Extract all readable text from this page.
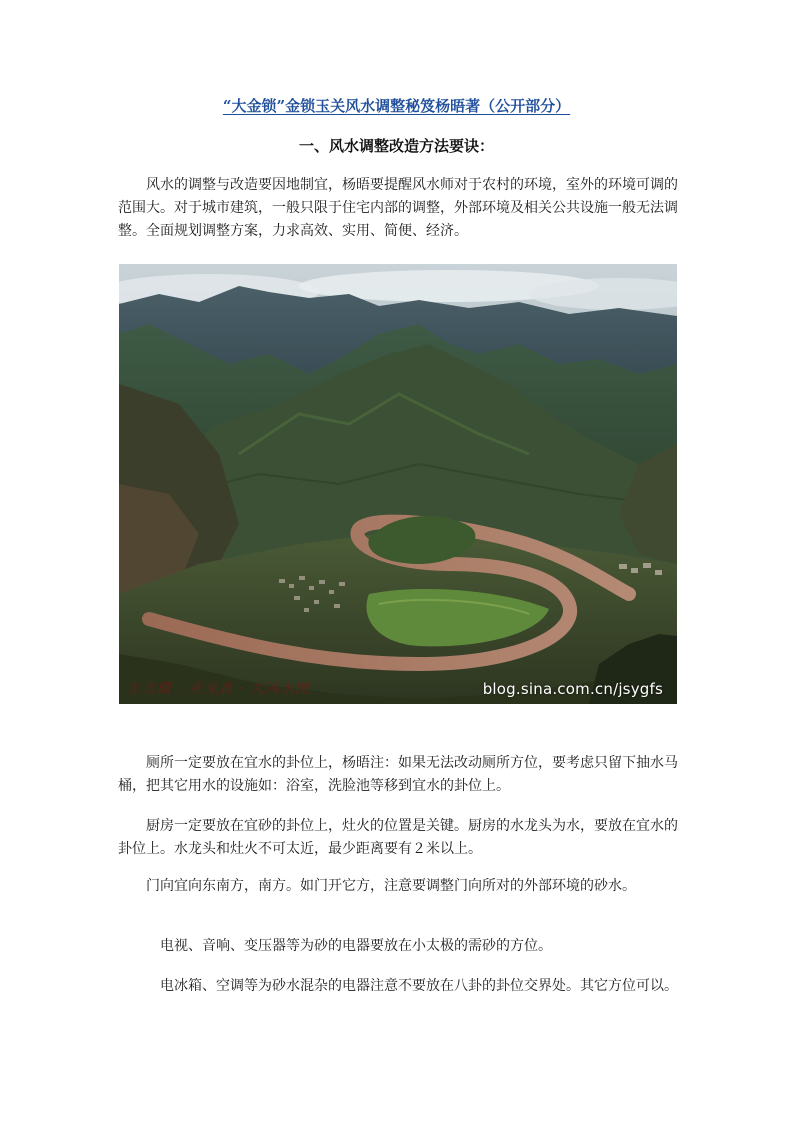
“大金锁”金锁玉关风水调整秘笈杨晤著（公开部分）
一、风水调整改造方法要诀：

风水的调整与改造要因地制宜，杨晤要提醒风水师对于农村的环境，室外的环境可调的范围大。对于城市建筑，一般只限于住宅内部的调整，外部环境及相关公共设施一般无法调整。全面规划调整方案，力求高效、实用、简便、经济。

东方藏 · 赤龙真 · 大风水图	blog.sina.com.cn/jsygfs

厕所一定要放在宜水的卦位上，杨晤注：如果无法改动厕所方位，要考虑只留下抽水马桶，把其它用水的设施如：浴室，洗脸池等移到宜水的卦位上。

厨房一定要放在宜砂的卦位上，灶火的位置是关键。厨房的水龙头为水，要放在宜水的卦位上。水龙头和灶火不可太近，最少距离要有２米以上。

门向宜向东南方，南方。如门开它方，注意要调整门向所对的外部环境的砂水。

电视、音响、变压器等为砂的电器要放在小太极的需砂的方位。

电冰箱、空调等为砂水混杂的电器注意不要放在八卦的卦位交界处。其它方位可以。
